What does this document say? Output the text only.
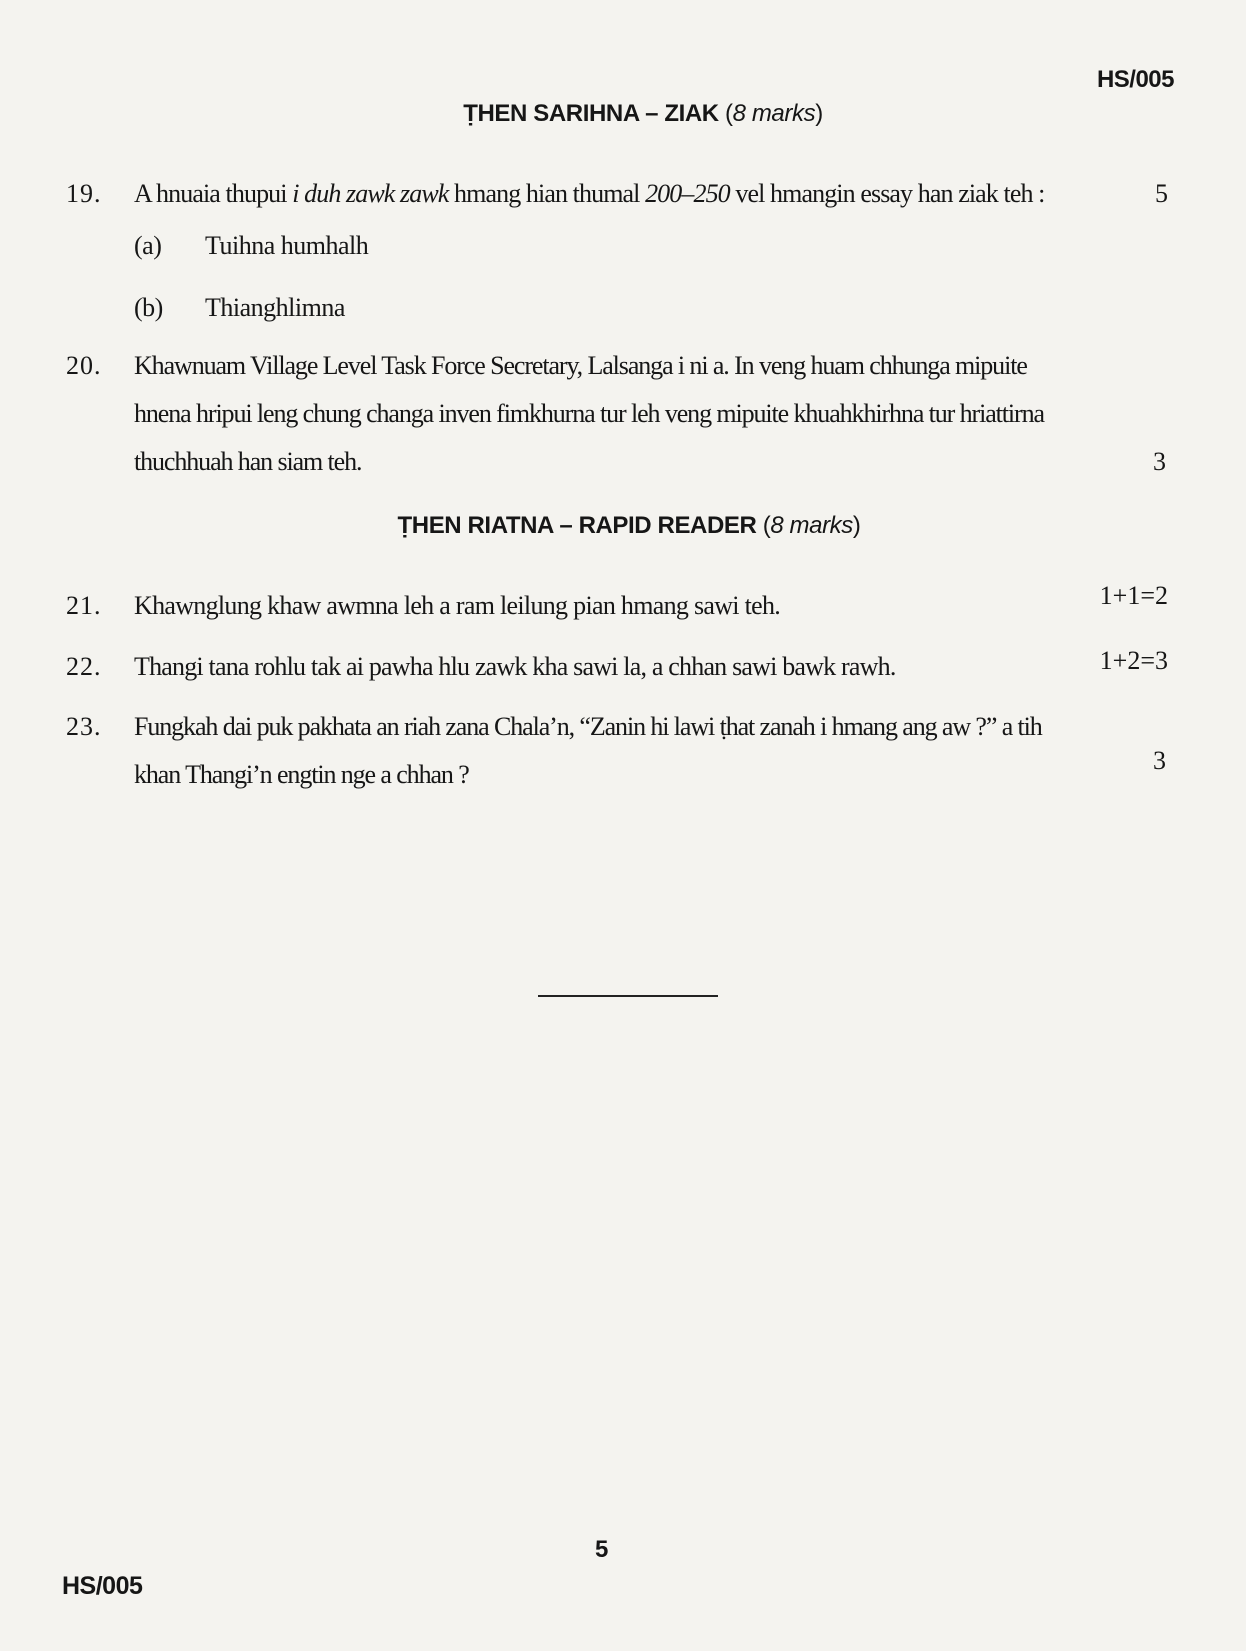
HS/005
ṬHEN SARIHNA – ZIAK (8 marks)
19. A hnuaia thupui i duh zawk zawk hmang hian thumal 200–250 vel hmangin essay han ziak teh :	5
(a) Tuihna humhalh
(b) Thianghlimna
20. Khawnuam Village Level Task Force Secretary, Lalsanga i ni a. In veng huam chhunga mipuite
hnena hripui leng chung changa inven fimkhurna tur leh veng mipuite khuahkhirhna tur hriattirna
thuchhuah han siam teh.	3
ṬHEN RIATNA – RAPID READER (8 marks)
21. Khawnglung khaw awmna leh a ram leilung pian hmang sawi teh.	1+1=2
22. Thangi tana rohlu tak ai pawha hlu zawk kha sawi la, a chhan sawi bawk rawh.	1+2=3
23. Fungkah dai puk pakhata an riah zana Chala’n, “Zanin hi lawi ṭhat zanah i hmang ang aw ?” a tih
khan Thangi’n engtin nge a chhan ?	3
5
HS/005
